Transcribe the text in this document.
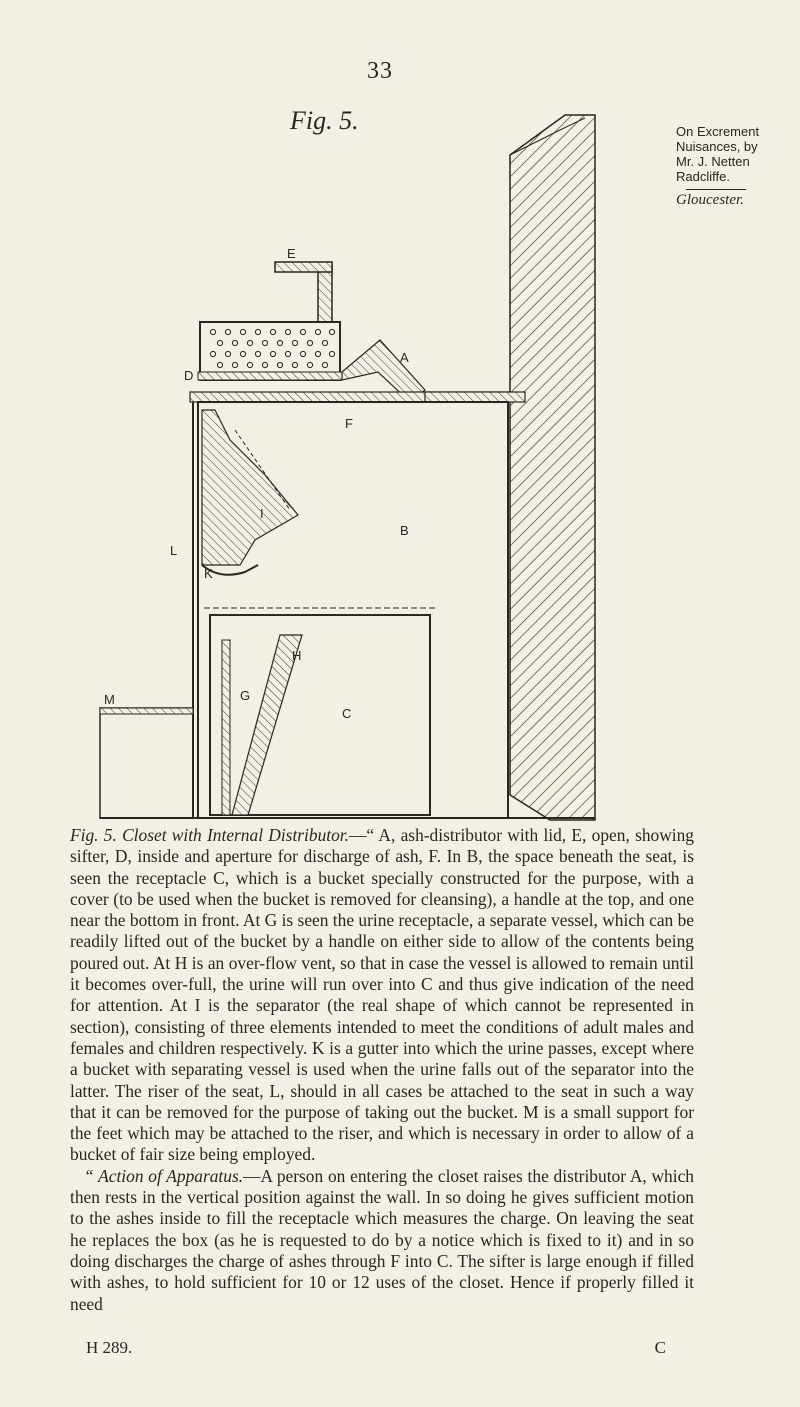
33
Fig. 5.	On Excrement
Nuisances, by
Mr. J. Netten
Radcliffe.
Gloucester.
E
D
A
F
L
I
B
K
C
G
H
M

Fig. 5. Closet with Internal Distributor.—“ A, ash-distributor with lid, E, open, showing sifter, D, inside and aperture for discharge of ash, F. In B, the space beneath the seat, is seen the receptacle C, which is a bucket specially constructed for the purpose, with a cover (to be used when the bucket is removed for cleansing), a handle at the top, and one near the bottom in front. At G is seen the urine receptacle, a separate vessel, which can be readily lifted out of the bucket by a handle on either side to allow of the contents being poured out. At H is an over-flow vent, so that in case the vessel is allowed to remain until it becomes over-full, the urine will run over into C and thus give indication of the need for attention. At I is the separator (the real shape of which cannot be represented in section), consisting of three elements intended to meet the conditions of adult males and females and children respectively. K is a gutter into which the urine passes, except where a bucket with separating vessel is used when the urine falls out of the separator into the latter. The riser of the seat, L, should in all cases be attached to the seat in such a way that it can be removed for the purpose of taking out the bucket. M is a small support for the feet which may be attached to the riser, and which is necessary in order to allow of a bucket of fair size being employed.

“ Action of Apparatus.—A person on entering the closet raises the distributor A, which then rests in the vertical position against the wall. In so doing he gives sufficient motion to the ashes inside to fill the receptacle which measures the charge. On leaving the seat he replaces the box (as he is requested to do by a notice which is fixed to it) and in so doing discharges the charge of ashes through F into C. The sifter is large enough if filled with ashes, to hold sufficient for 10 or 12 uses of the closet. Hence if properly filled it need

H 289.	C
